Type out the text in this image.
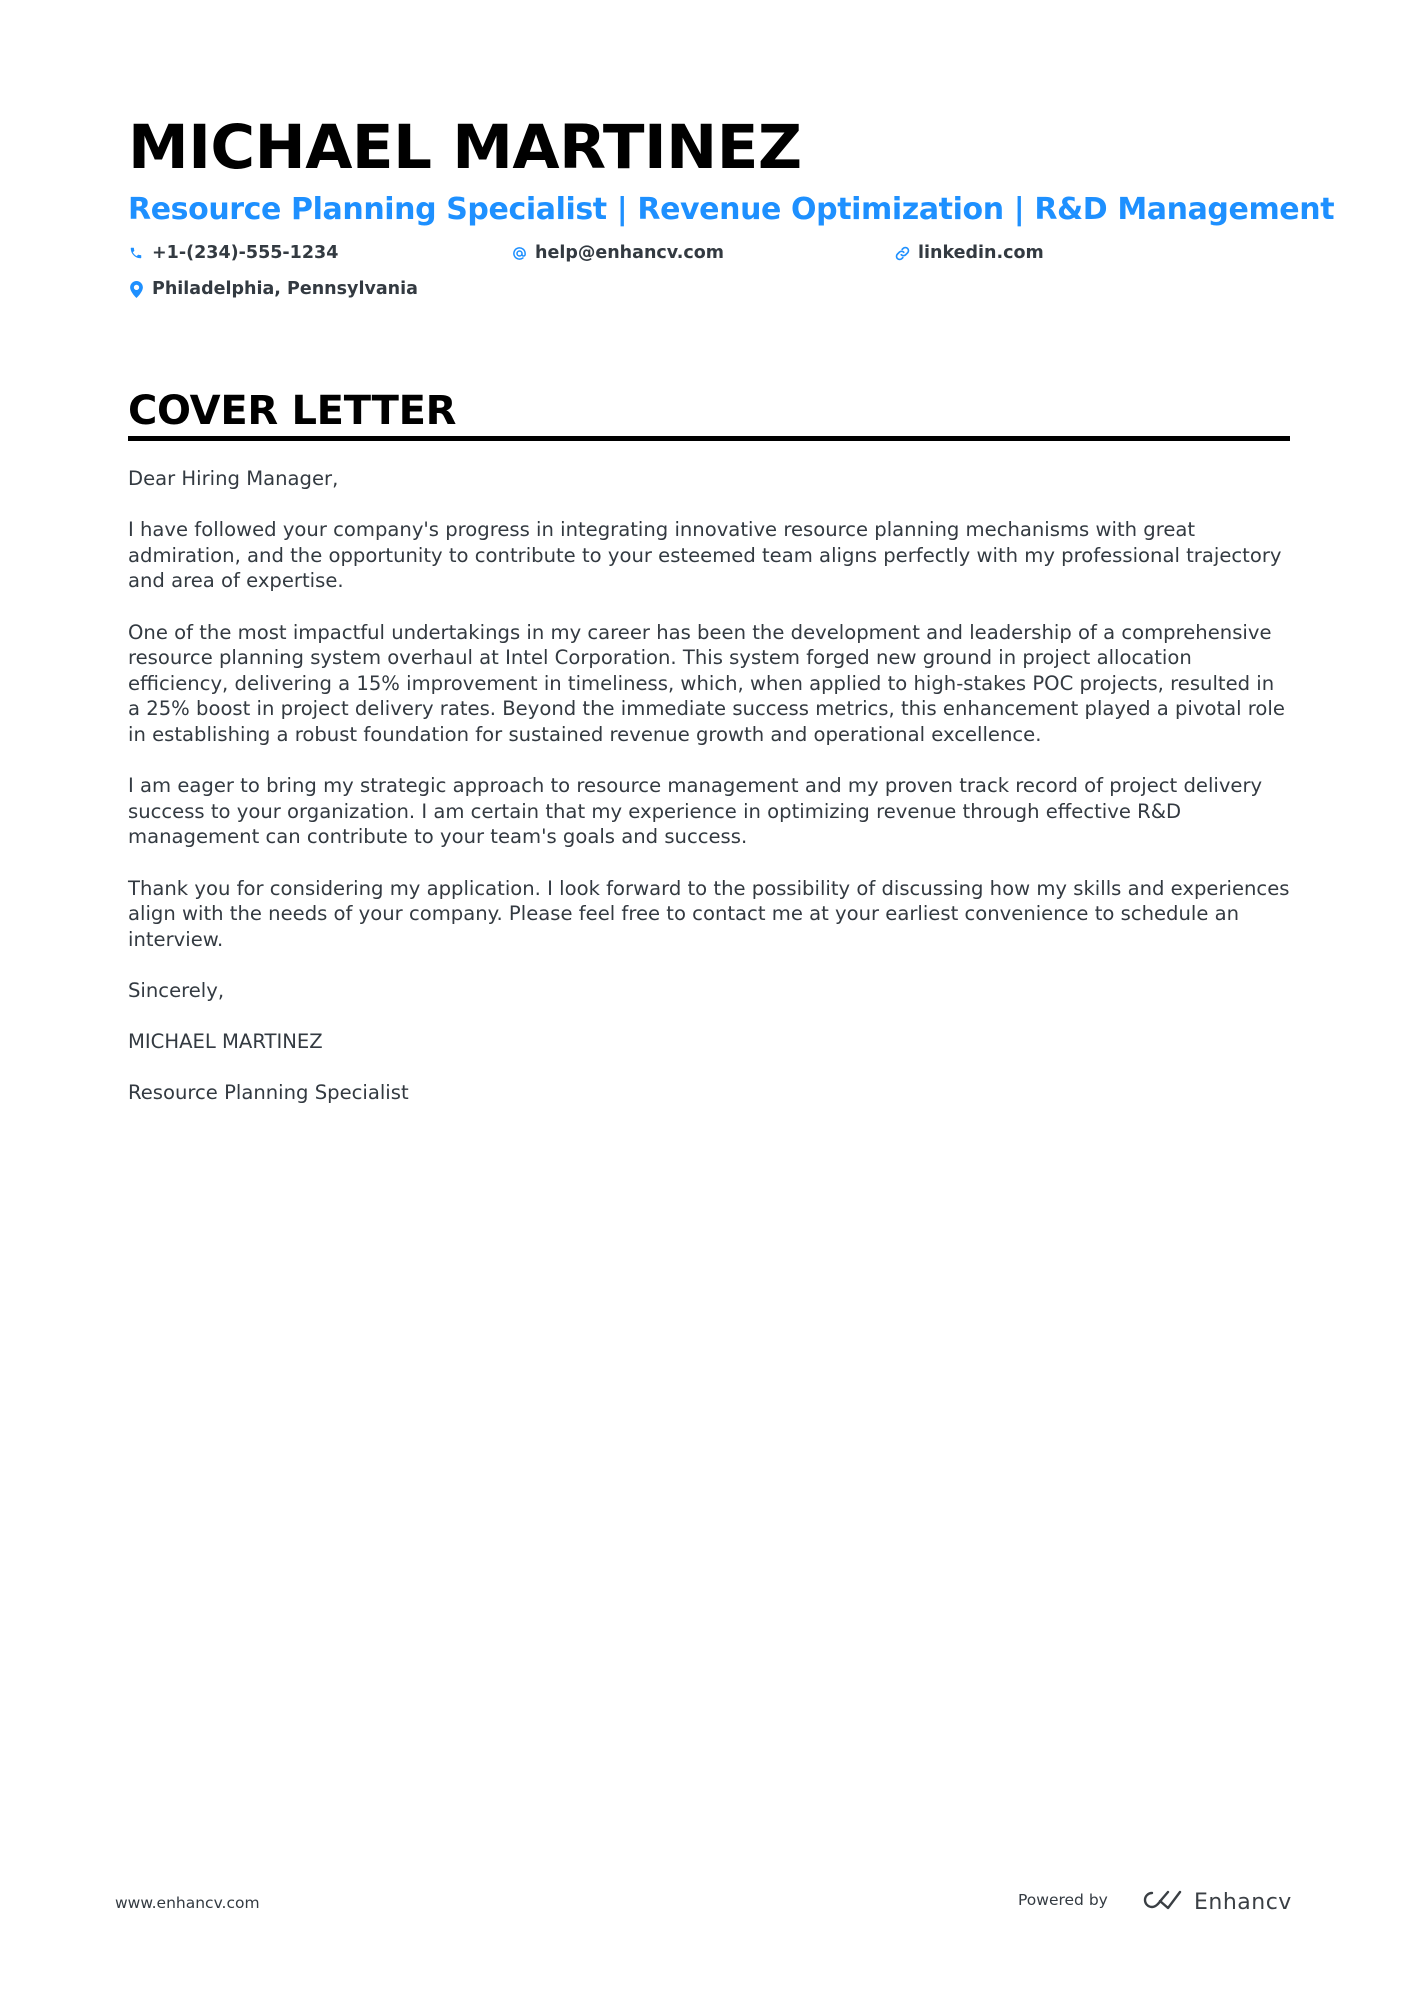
MICHAEL MARTINEZ
Resource Planning Specialist | Revenue Optimization | R&D Management
+1-(234)-555-1234	help@enhancv.com	linkedin.com
Philadelphia, Pennsylvania
COVER LETTER

Dear Hiring Manager,

I have followed your company's progress in integrating innovative resource planning mechanisms with great admiration, and the opportunity to contribute to your esteemed team aligns perfectly with my professional trajectory and area of expertise.

One of the most impactful undertakings in my career has been the development and leadership of a comprehensive resource planning system overhaul at Intel Corporation. This system forged new ground in project allocation efficiency, delivering a 15% improvement in timeliness, which, when applied to high-stakes POC projects, resulted in a 25% boost in project delivery rates. Beyond the immediate success metrics, this enhancement played a pivotal role in establishing a robust foundation for sustained revenue growth and operational excellence.

I am eager to bring my strategic approach to resource management and my proven track record of project delivery success to your organization. I am certain that my experience in optimizing revenue through effective R&D management can contribute to your team's goals and success.

Thank you for considering my application. I look forward to the possibility of discussing how my skills and experiences align with the needs of your company. Please feel free to contact me at your earliest convenience to schedule an interview.

Sincerely,

MICHAEL MARTINEZ

Resource Planning Specialist

www.enhancv.com	Powered by	Enhancv
